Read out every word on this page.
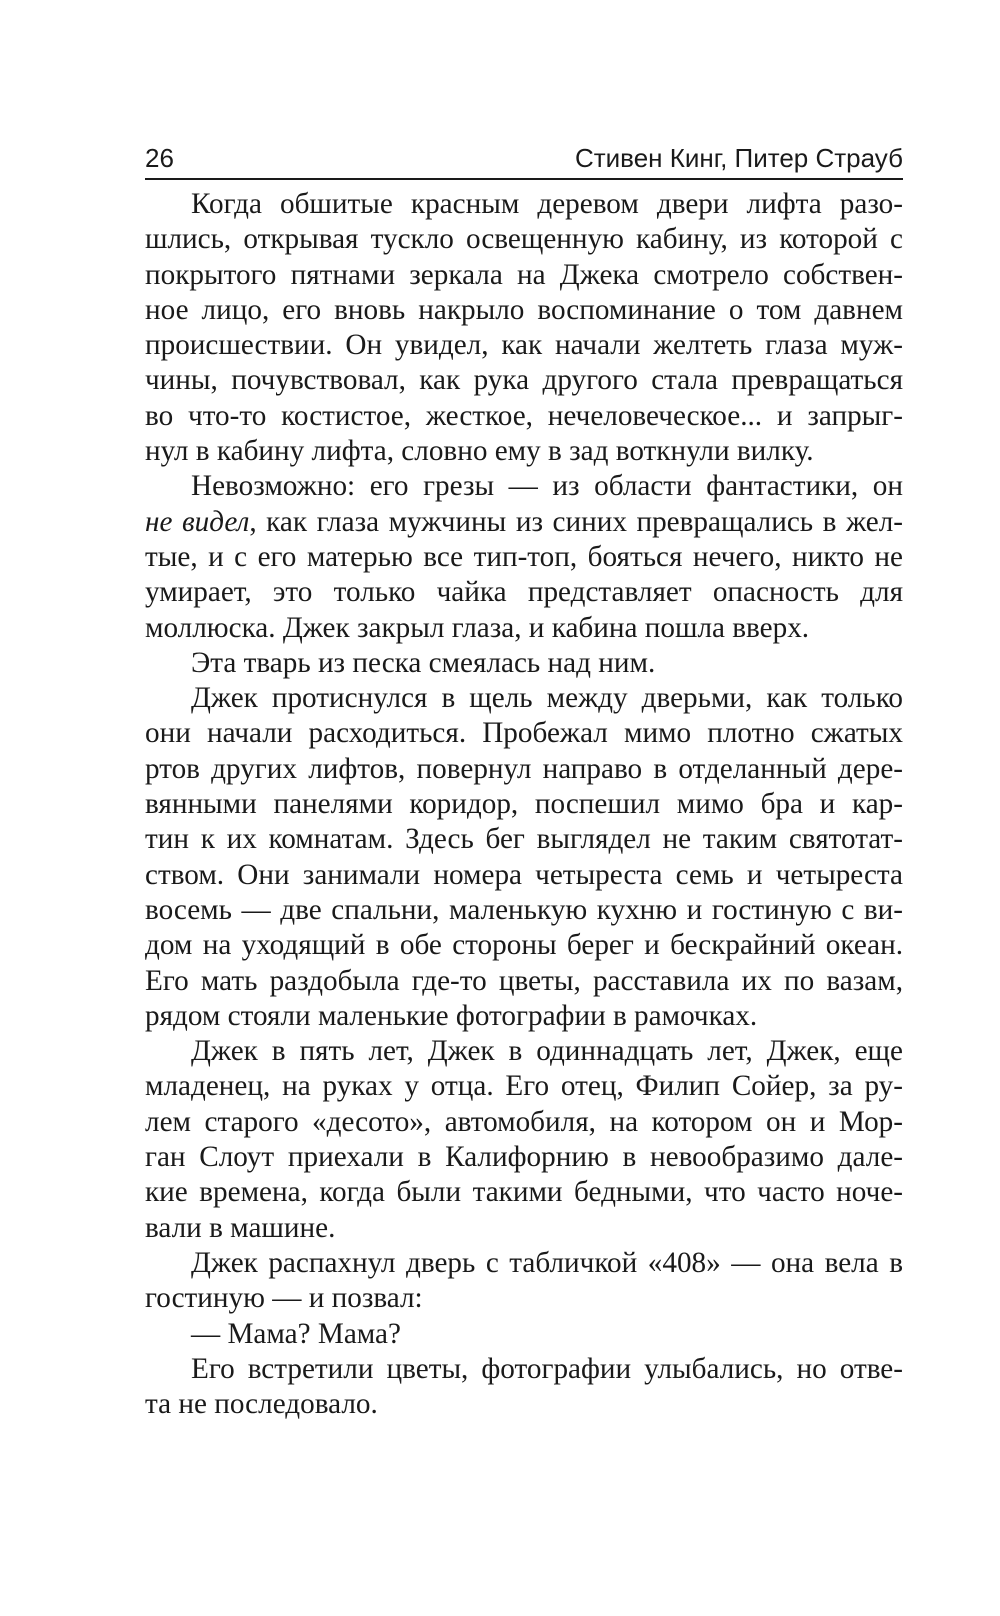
26	Стивен Кинг, Питер Страуб
Когда обшитые красным деревом двери лифта разо-
шлись, открывая тускло освещенную кабину, из которой с
покрытого пятнами зеркала на Джека смотрело собствен-
ное лицо, его вновь накрыло воспоминание о том давнем
происшествии. Он увидел, как начали желтеть глаза муж-
чины, почувствовал, как рука другого стала превращаться
во что-то костистое, жесткое, нечеловеческое... и запрыг-
нул в кабину лифта, словно ему в зад воткнули вилку.
Невозможно: его грезы — из области фантастики, он
не видел, как глаза мужчины из синих превращались в жел-
тые, и с его матерью все тип-топ, бояться нечего, никто не
умирает, это только чайка представляет опасность для
моллюска. Джек закрыл глаза, и кабина пошла вверх.
Эта тварь из песка смеялась над ним.
Джек протиснулся в щель между дверьми, как только
они начали расходиться. Пробежал мимо плотно сжатых
ртов других лифтов, повернул направо в отделанный дере-
вянными панелями коридор, поспешил мимо бра и кар-
тин к их комнатам. Здесь бег выглядел не таким святотат-
ством. Они занимали номера четыреста семь и четыреста
восемь — две спальни, маленькую кухню и гостиную с ви-
дом на уходящий в обе стороны берег и бескрайний океан.
Его мать раздобыла где-то цветы, расставила их по вазам,
рядом стояли маленькие фотографии в рамочках.
Джек в пять лет, Джек в одиннадцать лет, Джек, еще
младенец, на руках у отца. Его отец, Филип Сойер, за ру-
лем старого «десото», автомобиля, на котором он и Мор-
ган Слоут приехали в Калифорнию в невообразимо дале-
кие времена, когда были такими бедными, что часто ноче-
вали в машине.
Джек распахнул дверь с табличкой «408» — она вела в
гостиную — и позвал:
— Мама? Мама?
Его встретили цветы, фотографии улыбались, но отве-
та не последовало.
